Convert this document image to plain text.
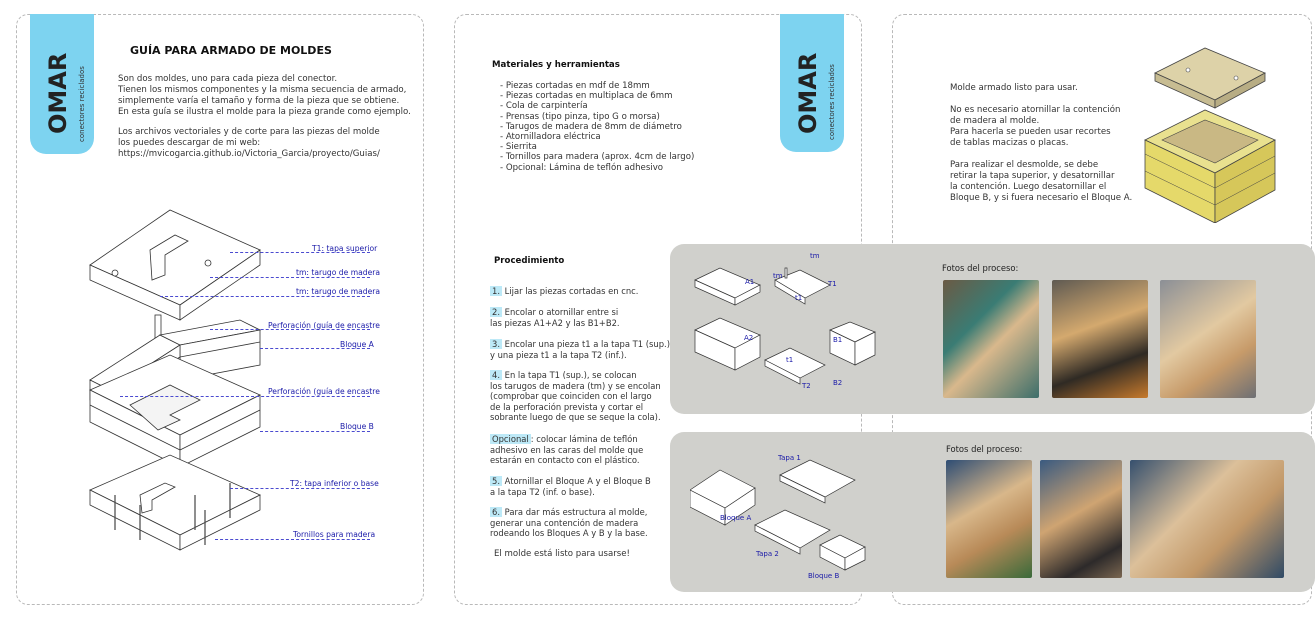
OMAR conectores reciclados
GUÍA PARA ARMADO DE MOLDES
Son dos moldes, uno para cada pieza del conector.
Tienen los mismos componentes y la misma secuencia de armado,
simplemente varía el tamaño y forma de la pieza que se obtiene.
En esta guía se ilustra el molde para la pieza grande como ejemplo.
Los archivos vectoriales y de corte para las piezas del molde
los puedes descargar de mi web:
https://mvicogarcia.github.io/Victoria_Garcia/proyecto/Guias/
T1: tapa superior
tm: tarugo de madera
tm: tarugo de madera
Perforación (guía de encastre
Bloque A
Perforación (guía de encastre
Bloque B
T2: tapa inferior o base
Tornillos para madera
OMAR conectores reciclados
Materiales y herramientas
- Piezas cortadas en mdf de 18mm
- Piezas cortadas en multiplaca de 6mm
- Cola de carpintería
- Prensas (tipo pinza, tipo G o morsa)
- Tarugos de madera de 8mm de diámetro
- Atornilladora eléctrica
- Sierrita
- Tornillos para madera (aprox. 4cm de largo)
- Opcional: Lámina de teflón adhesivo
Procedimiento
1. Lijar las piezas cortadas en cnc.
2. Encolar o atornillar entre si
las piezas A1+A2 y las B1+B2.
3. Encolar una pieza t1 a la tapa T1 (sup.)
y una pieza t1 a la tapa T2 (inf.).
4. En la tapa T1 (sup.), se colocan
los tarugos de madera (tm) y se encolan
(comprobar que coinciden con el largo
de la perforación prevista y cortar el
sobrante luego de que se seque la cola).
Opcional : colocar lámina de teflón
adhesivo en las caras del molde que
estarán en contacto con el plástico.
5. Atornillar el Bloque A y el Bloque B
a la tapa T2 (inf. o base).
6. Para dar más estructura al molde,
generar una contención de madera
rodeando los Bloques A y B y la base.
El molde está listo para usarse!
Molde armado listo para usar.

No es necesario atornillar la contención
de madera al molde.
Para hacerla se pueden usar recortes
de tablas macizas o placas.

Para realizar el desmolde, se debe
retirar la tapa superior, y desatornillar
la contención. Luego desatornillar el
Bloque B, y si fuera necesario el Bloque A.
A1
A2
tm
tm
T1
t1
t1
T2
B1
B2
Fotos del proceso:
Tapa 1
Bloque A
Tapa 2
Bloque B
Fotos del proceso:
